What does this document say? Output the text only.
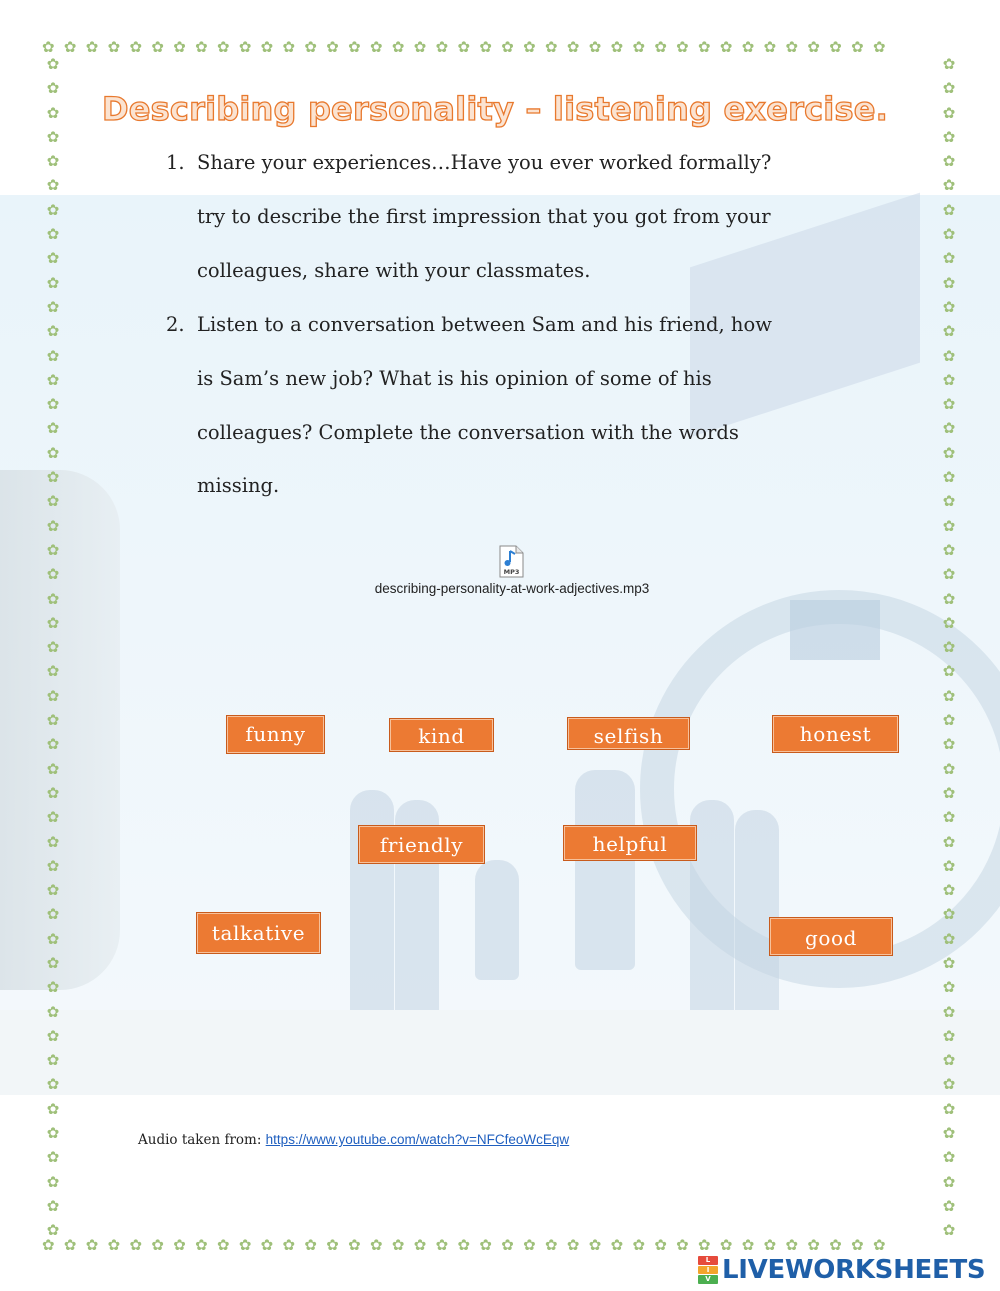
✿✿✿✿✿✿✿✿✿✿✿✿✿✿✿✿✿✿✿✿✿✿✿✿✿✿✿✿✿✿✿✿✿✿✿✿✿✿✿
✿✿✿✿✿✿✿✿✿✿✿✿✿✿✿✿✿✿✿✿✿✿✿✿✿✿✿✿✿✿✿✿✿✿✿✿✿✿✿
✿✿✿✿✿✿✿✿✿✿✿✿✿✿✿✿✿✿✿✿✿✿✿✿✿✿✿✿✿✿✿✿✿✿✿✿✿✿✿✿✿✿✿✿✿✿✿✿✿
✿✿✿✿✿✿✿✿✿✿✿✿✿✿✿✿✿✿✿✿✿✿✿✿✿✿✿✿✿✿✿✿✿✿✿✿✿✿✿✿✿✿✿✿✿✿✿✿✿
Describing personality – listening exercise.
1. Share your experiences…Have you ever worked formally?
try to describe the first impression that you got from your
colleagues, share with your classmates.
2. Listen to a conversation between Sam and his friend, how
is Sam’s new job? What is his opinion of some of his
colleagues? Complete the conversation with the words
missing.
MP3
describing-personality-at-work-adjectives.mp3
funny	kind	selfish	honest
friendly	helpful
talkative	good
Audio taken from: https://www.youtube.com/watch?v=NFCfeoWcEqw
L
I
V LIVEWORKSHEETS
